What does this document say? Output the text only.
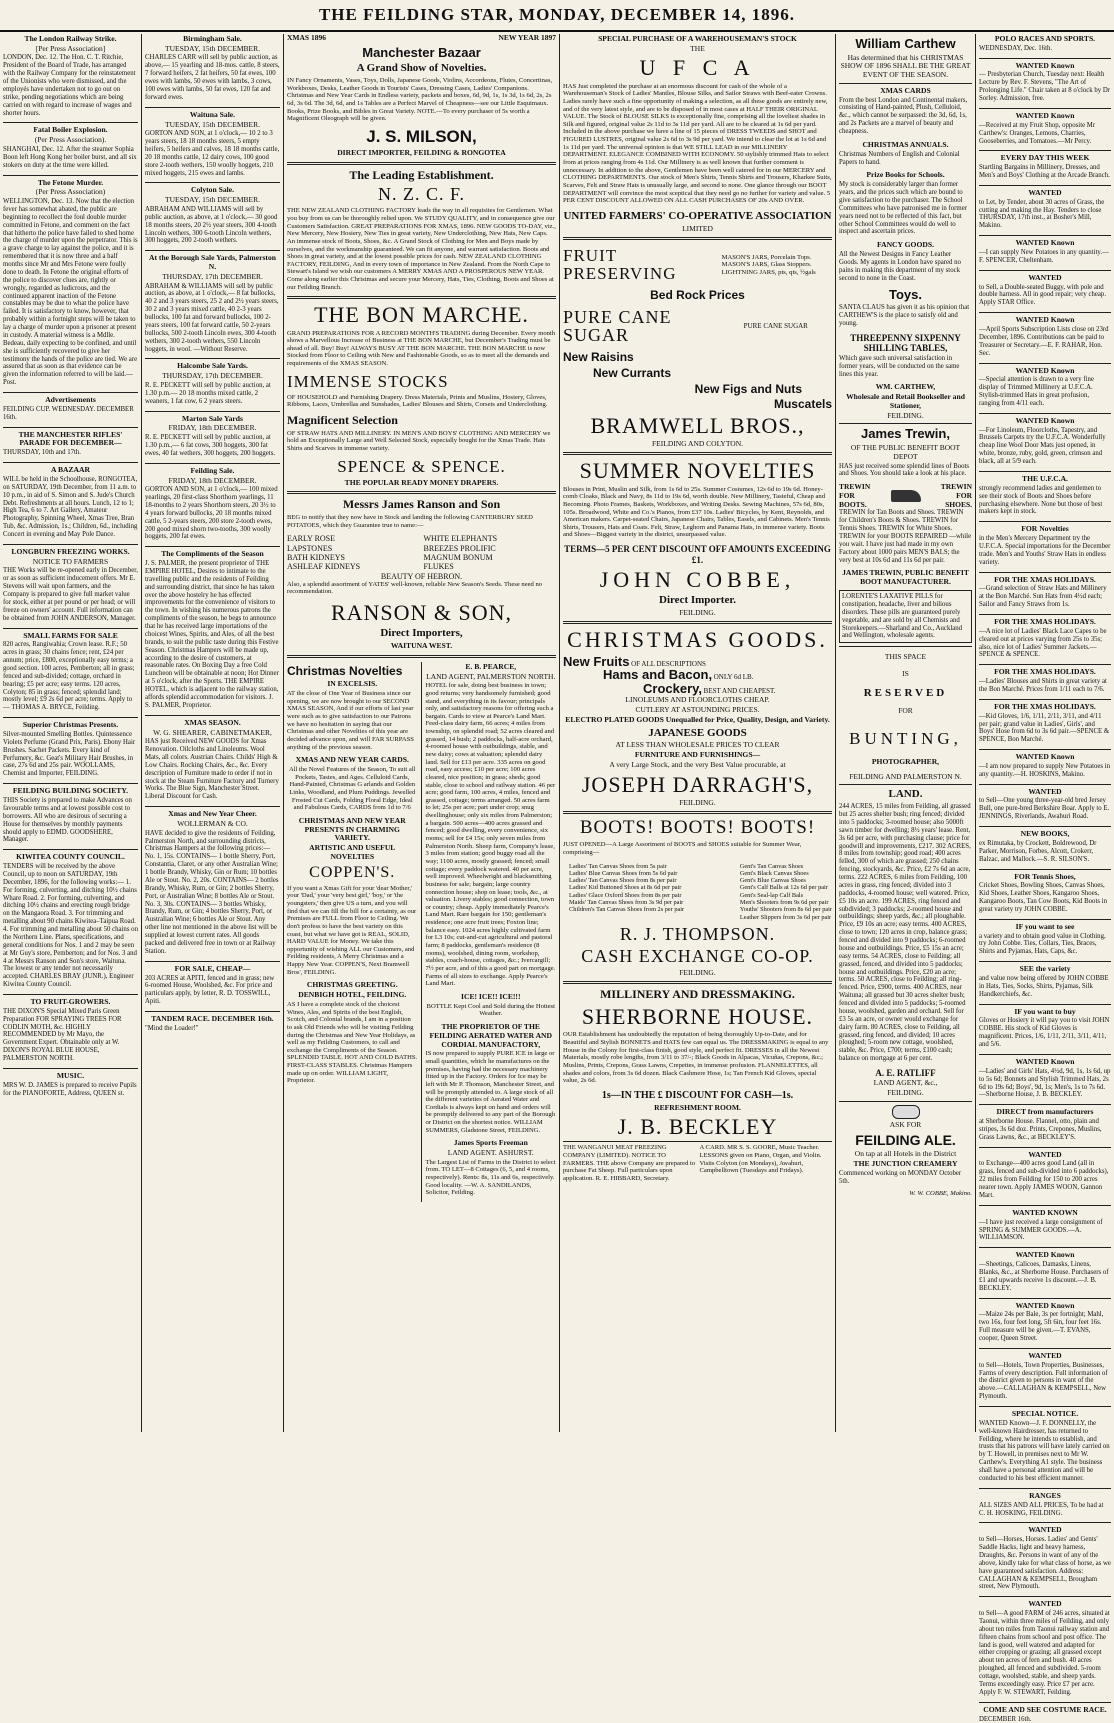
THE FEILDING STAR, MONDAY, DECEMBER 14, 1896.
The London Railway Strike.
[Per Press Association]
LONDON, Dec. 12. The Hon. C. T. Ritchie, President of the Board of Trade, has arranged with the Railway Company for the reinstatement of the Unionists who were dismissed, and the employés have undertaken not to go out on strike, pending negotiations which are being carried on with regard to increase of wages and shorter hours.
Fatal Boiler Explosion.
(Per Press Association).
SHANGHAI, Dec. 12. After the steamer Sophia Boon left Hong Kong her boiler burst, and all six stokers on duty at the time were killed.
The Fetone Murder.
(Per Press Association)
WELLINGTON, Dec. 13. Now that the election fever has somewhat abated, the public are beginning to recollect the foul double murder committed in Fetone, and comment on the fact that hitherto the police have failed to shed home the charge of murder upon the perpetrator. This is a grave charge to lay against the police, and it is remembered that it is now three and a half months since Mr and Mrs Fetone were foully done to death. In Fetone the original efforts of the police to discover clues are, rightly or wrongly, regarded as ludicrous, and the continued apparent inaction of the Fetone constables may be due to what the police have failed. It is satisfactory to know, however, that probably within a fortnight steps will be taken to lay a charge of murder upon a prisoner at present in custody. A material witness is a Mdlle. Bedeau, daily expecting to be confined, and until she is sufficiently recovered to give her testimony the hands of the police are tied. We are assured that as soon as that evidence can be given the information referred to will be laid.—Post.
Advertisements
FEILDING CUP. WEDNESDAY. DECEMBER 16th.
THE MANCHESTER RIFLES' PARADE FOR DECEMBER—
THURSDAY, 10th and 17th.
A BAZAAR
WILL be held in the Schoolhouse, RONGOTEA, on SATURDAY, 19th December, from 11 a.m. to 10 p.m., in aid of S. Simon and S. Jude's Church Debt. Refreshments at all hours. Lunch, 12 to 1; High Tea, 6 to 7. Art Gallery, Amateur Photography, Spinning Wheel, Xmas Tree, Bran Tub, &c. Admission, 1s.; Children, 6d., including Concert in evening and May Pole Dance.
LONGBURN FREEZING WORKS.
NOTICE TO FARMERS
THE Works will be re-opened early in December, or as soon as sufficient inducement offers. Mr E. Stevens will wait upon farmers, and the Company is prepared to give full market value for stock, either at per pound or per head; or will freeze on owners' account. Full information can be obtained from JOHN ANDERSON, Manager.
SMALL FARMS FOR SALE
820 acres, Rangiwahia; Crown lease. R.F.; 50 acres in grass; 30 chains fence; rent, £24 per annum; price, £800, exceptionally easy terms; a good section. 100 acres, Pemberton; all in grass; fenced and sub-divided; cottage, orchard in bearing; £5 per acre; easy terms. 120 acres, Colyton; 85 in grass; fenced; splendid land; mostly level; £9 2s 6d per acre; terms. Apply to— THOMAS A. BRYCE, Feilding.
Superior Christmas Presents.
Silver-mounted Smelling Bottles. Quintessence Violets Perfume (Grand Prix, Paris). Ebony Hair Brushes. Sachet Packets. Every kind of Perfumery, &c. Geat's Military Hair Brushes, in case, 27s 6d and 25s pair. WOOLLAMS, Chemist and Importer, FEILDING.
FEILDING BUILDING SOCIETY.
THIS Society is prepared to make Advances on favourable terms and at lowest possible cost to borrowers. All who are desirous of securing a House for themselves by monthly payments should apply to EDMD. GOODSHERE, Manager.
KIWITEA COUNTY COUNCIL.
TENDERS will be received by the above Council, up to noon on SATURDAY, 19th December, 1896, for the following works:— 1. For forming, culverting, and ditching 10½ chains Whare Road. 2. For forming, culverting, and ditching 10½ chains and erecting rough bridge on the Mangaora Road. 3. For trimming and metalling about 90 chains Kiwitea–Taipua Road. 4. For trimming and metalling about 50 chains on the Northern Line. Plans, specifications, and general conditions for Nos. 1 and 2 may be seen at Mr Guy's store, Pemberton; and for Nos. 3 and 4 at Messrs Ranson and Son's store, Waituna. The lowest or any tender not necessarily accepted. CHARLES BRAY (JUNR.), Engineer Kiwitea County Council.
TO FRUIT-GROWERS.
THE DIXON'S Special Mixed Paris Green Preparation FOR SPRAYING TREES FOR CODLIN MOTH, &c. HIGHLY RECOMMENDED by Mr Mayo, the Government Expert. Obtainable only at W. DIXON'S ROYAL BLUE HOUSE, PALMERSTON NORTH.
MUSIC.
MRS W. D. JAMES is prepared to receive Pupils for the PIANOFORTE, Address, QUEEN st.
Birmingham Sale.
TUESDAY, 15th DECEMBER.
CHARLES CARR will sell by public auction, as above,— 15 yearling and 18-mos. cattle, 8 steers, 7 forward heifers, 2 fat heifers, 50 fat ewes, 100 ewes with lambs, 50 ewes with lambs, 3 cows, 100 ewes with lambs, 50 fat ewes, 120 fat and forward ewes.
Waituna Sale.
TUESDAY, 15th DECEMBER.
GORTON AND SON, at 1 o'clock,— 10 2 to 3 years steers, 18 18 months steers, 5 empty heifers, 5 heifers and calves, 18 18 months cattle, 20 18 months cattle, 12 dairy cows, 100 good store 2-tooth wethers, 150 woolly hoggets, 210 mixed hoggets, 215 ewes and lambs.
Colyton Sale.
TUESDAY, 15th DECEMBER.
ABRAHAM AND WILLIAMS will sell by public auction, as above, at 1 o'clock,— 30 good 18 months steers, 20 2½ year steers, 300 4-tooth Lincoln wethers, 300 6-tooth Lincoln wethers, 300 hoggets, 200 2-tooth wethers.
At the Borough Sale Yards, Palmerston N.
THURSDAY, 17th DECEMBER.
ABRAHAM & WILLIAMS will sell by public auction, as above, at 1 o'clock,— 8 fat bullocks, 40 2 and 3 years steers, 25 2 and 2½ years steers, 30 2 and 3 years mixed cattle, 40 2-3 years bullocks, 100 fat and forward bullocks, 100 2-years steers, 100 fat forward cattle, 50 2-years bullocks, 500 2-tooth Lincoln ewes, 300 4-tooth wethers, 300 2-tooth wethers, 550 Lincoln hoggets, in wool. —Without Reserve.
Halcombe Sale Yards.
THURSDAY, 17th DECEMBER.
R. E. PECKETT will sell by public auction, at 1.30 p.m.— 20 18 months mixed cattle, 2 weaners, 1 fat cow, 6 2 years steers.
Marton Sale Yards
FRIDAY, 18th DECEMBER.
R. E. PECKETT will sell by public auction, at 1.30 p.m.,— 6 fat cows, 300 hoggets, 300 fat ewes, 40 fat wethers, 300 hoggets, 200 hoggets.
Feilding Sale.
FRIDAY, 18th DECEMBER.
GORTON AND SON, at 1 o'clock,— 100 mixed yearlings, 20 first-class Shorthorn yearlings, 11 18-months to 2 years Shorthorn steers, 20 3½ to 4 years forward bullocks, 20 18 months mixed cattle, 5 2-years steers, 200 store 2-tooth ewes, 200 good mixed shorn two-tooths, 300 woolly hoggets, 200 fat ewes.
The Compliments of the Season
J. S. PALMER, the present proprietor of THE EMPIRE HOTEL, Desires to intimate to the travelling public and the residents of Feilding and surrounding district, that since he has taken over the above hostelry he has effected improvements for the convenience of visitors to the town. In wishing his numerous patrons the compliments of the season, he begs to announce that he has received large importations of the choicest Wines, Spirits, and Ales, of all the best brands, to suit the public taste during this Festive Season. Christmas Hampers will be made up, according to the desire of customers, at reasonable rates. On Boxing Day a free Cold Luncheon will be obtainable at noon; Hot Dinner at 5 o'clock, after the Sports. THE EMPIRE HOTEL, which is adjacent to the railway station, affords splendid accommodation for visitors. J. S. PALMER, Proprietor.
XMAS SEASON.
W. G. SHEARER, CABINETMAKER,
HAS just Received NEW GOODS for Xmas Renovation. Oilcloths and Linoleums. Wool Mats, all colors. Austrian Chairs. Childs' High & Low Chairs. Rocking Chairs, &c., &c. Every description of Furniture made to order if not in stock at the Steam Furniture Factory and Turnery Works. The Blue Sign, Manchester Street. Liberal Discount for Cash.
Xmas and New Year Cheer.
WOLLERMAN & CO.
HAVE decided to give the residents of Feilding, Palmerston North, and surrounding districts, Christmas Hampers at the following prices:— No. 1, 15s. CONTAINS— 1 bottle Sherry, Port, Constantia, Claret, or any other Australian Wine; 1 bottle Brandy, Whisky, Gin or Rum; 10 bottles Ale or Stout. No. 2, 20s. CONTAINS— 2 bottles Brandy, Whisky, Rum, or Gin; 2 bottles Sherry, Port, or Australian Wine; 8 bottles Ale or Stout. No. 3, 30s. CONTAINS— 3 bottles Whisky, Brandy, Rum, or Gin; 4 bottles Sherry, Port, or Australian Wine; 6 bottles Ale or Stout. Any other line not mentioned in the above list will be supplied at lowest current rates. All goods packed and delivered free in town or at Railway Station.
FOR SALE, CHEAP—
203 ACRES at APITI, fenced and in grass; new 6-roomed House, Woolshed, &c. For price and particulars apply, by letter, R. D. TOSSWILL, Apiti.
TANDEM RACE. DECEMBER 16th.
"Mind the Loader!"
XMAS 1896	NEW YEAR 1897
Manchester Bazaar
A Grand Show of Novelties.
IN Fancy Ornaments, Vases, Toys, Dolls, Japanese Goods, Violins, Accordeons, Flutes, Concertinas, Workboxes, Desks, Leather Goods in Tourists' Cases, Dressing Cases, Ladies' Companions. Christmas and New Year Cards in Endless variety, packets and boxes, 6d, 9d, 1s, 1s 3d, 1s 6d, 2s, 2s 6d, 3s 6d. The 3d, 6d, and 1s Tables are a Perfect Marvel of Cheapness—see our Little Esquimaux. Books, Prize Books, and Bibles in Great Variety. NOTE.—To every purchaser of 5s worth a Magnificent Oleograph will be given.
J. S. MILSON,
DIRECT IMPORTER, FEILDING & RONGOTEA
The Leading Establishment.
N. Z. C. F.
THE NEW ZEALAND CLOTHING FACTORY leads the way in all requisites for Gentlemen. What you buy from us can be thoroughly relied upon. We STUDY QUALITY, and in consequence give our Customers Satisfaction. GREAT PREPARATIONS FOR XMAS, 1896. NEW GOODS TO-DAY, viz., New Mercery, New Hosiery, New Ties in great variety, New Underclothing, New Hats, New Caps. An immense stock of Boots, Shoes, &c. A Grand Stock of Clothing for Men and Boys made by ourselves, and the workmanship guaranteed. We can fit anyone, and warrant satisfaction. Boots and Shoes in great variety, and at the lowest possible prices for cash. NEW ZEALAND CLOTHING FACTORY, FEILDING, And in every town of importance in New Zealand. From the North Cape to Stewart's Island we wish our customers A MERRY XMAS AND A PROSPEROUS NEW YEAR. Come along earlier this Christmas and secure your Mercery, Hats, Ties, Clothing, Boots and Shoes at our Feilding Branch.
THE BON MARCHE.
GRAND PREPARATIONS FOR A RECORD MONTH'S TRADING during December. Every month shows a Marvellous Increase of Business at THE BON MARCHE, but December's Trading must be ahead of all. Buy! Buy! ALWAYS BUSY AT THE BON MARCHE. THE BON MARCHE is now Stocked from Floor to Ceiling with New and Fashionable Goods, so as to meet all the demands and requirements of the XMAS SEASON.
IMMENSE STOCKS
OF HOUSEHOLD and Furnishing Drapery. Dress Materials, Prints and Muslins, Hosiery, Gloves, Ribbons, Laces, Umbrellas and Sunshades, Ladies' Blouses and Shirts, Corsets and Underclothing.
Magnificent Selection
OF STRAW HATS AND MILLINERY. IN MEN'S AND BOYS' CLOTHING AND MERCERY we hold an Exceptionally Large and Well Selected Stock, especially bought for the Xmas Trade. Hats Shirts and Scarves in immense variety.
SPENCE & SPENCE.
THE POPULAR READY MONEY DRAPERS.
Messrs James Ranson and Son
BEG to notify that they now have in Stock and landing the following CANTERBURY SEED POTATOES, which they Guarantee true to name:—
EARLY ROSE
LAPSTONES
BATH KIDNEYS
ASHLEAF KIDNEYS
WHITE ELEPHANTS
BREEZES PROLIFIC
MAGNUM BONUM
FLUKES
BEAUTY OF HEBRON.
Also, a splendid assortment of YATES' well-known, reliable New Season's Seeds. These need no recommendation.
RANSON & SON,
Direct Importers,
WAITUNA WEST.
Christmas Novelties
IN EXCELSIS.
AT the close of One Year of Business since our opening, we are now brought to our SECOND XMAS SEASON, And if our efforts of last year were such as to give satisfaction to our Patrons we have no hesitation in saying that our Christmas and other Novelties of this year are decided advance upon, and will FAR SURPASS anything of the previous season.
XMAS AND NEW YEAR CARDS.
All the Novel Features of the Season, To suit all Pockets, Tastes, and Ages. Celluloid Cards, Hand-Painted, Christmas G arlands and Golden Links, Woodland, and Plum Puddings. Jewelled Frosted Cut Cards, Folding Floral Edge, Ideal and Fabulous Cards, CARDS from 1d to 7/6
CHRISTMAS AND NEW YEAR PRESENTS IN CHARMING VARIETY.
ARTISTIC AND USEFUL NOVELTIES
COPPEN'S.
If you want a Xmas Gift for your 'dear Mother,' your 'Dad,' your 'very best girl,' 'boy,' or 'the youngsters,' then give US a turn, and you will find that we can fill the bill for a certainty, as our Premises are FULL from Floor to Ceiling. We don't profess to have the best variety on this coast, but what we have got is REAL, SOLID, HARD VALUE for Money. We take this opportunity of wishing ALL our Customers, and Feilding residents, A Merry Christmas and a Happy New Year. COPPEN'S, Next Bramwell Bros', FEILDING.
CHRISTMAS GREETING.
DENBIGH HOTEL, FEILDING.
AS I have a complete stock of the choicest Wines, Ales, and Spirits of the best English, Scotch, and Colonial brands, I am in a position to ask Old Friends who will be visiting Feilding during the Christmas and New Year Holidays, as well as my Feilding Customers, to call and exchange the Compliments of the Season. SPLENDID TABLE. HOT AND COLD BATHS. FIRST-CLASS STABLES. Christmas Hampers made up on order. WILLIAM LIGHT, Proprietor.
E. B. PEARCE,
LAND AGENT, PALMERSTON NORTH.
HOTEL for sale, doing best business in town; good returns; very handsomely furnished; good stand, and everything in its favour; principals only, and satisfactory reasons for offering such a bargain. Cards to view at Pearce's Land Mart. Feed-class dairy farm, 66 acres; 4 miles from township, on splendid road; 52 acres cleared and grassed, 14 bush; 2 paddocks, half-acre orchard, 4-roomed house with outbuildings, stable, and new dairy; cows at valuation; splendid dairy land. Sell for £13 per acre. 335 acres on good road, easy access; £10 per acre; 100 acres cleared, nice position; in grass; sheds; good stable, close to school and railway station. 46 per acre; good farm, 100 acres, 4 miles, fenced and grassed, cottage; terms arranged. 50 acres farm to let; 25s per acre; part under crop; snug dwellinghouse; only six miles from Palmerston; a bargain. 500 acres—400 acres grassed and fenced; good dwelling, every convenience, six rooms; sell for £4 15s; only seven miles from Palmerston North. Sheep farm, Company's lease, 3 miles from station; good buggy road all the way; 1100 acres, mostly grassed; fenced; small cottage; every paddock watered. 40 per acre, well improved. Wheelwright and blacksmithing business for sale; bargain; large country connection house; shop on lease; tools, &c., at valuation. Livery stables; good connection, town or country; cheap. Apply immediately Pearce's Land Mart. Rare bargain for 150; gentleman's residence; one acre fruit trees; Foxton line; balance easy. 1024 acres highly cultivated farm for L3 10s; cut-and-cut agricultural and pastoral farm; 8 paddocks, gentleman's residence (8 rooms), woolshed, dining room, workshop, stables, coach-house, cottages, &c.; Ivercargill; 7½ per acre, and of this a good part on mortgage. Farms of all sizes to exchange. Apply Pearce's Land Mart.
ICE! ICE!! ICE!!!
BOTTLE Kept Cool and Sold during the Hottest Weather.
THE PROPRIETOR OF THE FEILDING AERATED WATER AND CORDIAL MANUFACTORY,
IS now prepared to supply PURE ICE in large or small quantities, which he manufactures on the premises, having had the necessary machinery fitted up in the Factory. Orders for Ice may be left with Mr P. Thomson, Manchester Street, and will be promptly attended to. A large stock of all the different varieties of Aerated Water and Cordials is always kept on hand and orders will be promptly delivered to any part of the Borough or District on the shortest notice. WILLIAM SUMMERS, Gladstone Street, FEILDING.
James Sports Freeman
LAND AGENT. ASHURST.
The Largest List of Farms in the District to select from. TO LET—8 Cottages (6, 5, and 4 rooms, respectively). Rents: 8s, 11s and 6s, respectively. Good locality. —W. A. SANDILANDS, Solicitor, Feilding.
SPECIAL PURCHASE OF A WAREHOUSEMAN'S STOCK
THE
U F C A
HAS Just completed the purchase at an enormous discount for cash of the whole of a Warehouseman's Stock of Ladies' Mantles, Blouse Silks, and Sailor Straws with Beef-eater Crowns. Ladies rarely have such a fine opportunity of making a selection, as all these goods are entirely new, and of the very latest style, and are to be disposed of in most cases at HALF THEIR ORIGINAL VALUE. The Stock of BLOUSE SILKS is exceptionally fine, comprising all the loveliest shades in Silk and figured, original value 2s 11d to 3s 11d per yard. All are to be cleared at 1s 6d per yard. Included in the above purchase we have a line of 15 pieces of DRESS TWEEDS and SHOT and FIGURED LUSTRES, original value 2s 6d to 3s 9d per yard. We intend to clear the lot at 1s 6d and 1s 11d per yard. The universal opinion is that WE STILL LEAD in our MILLINERY DEPARTMENT. ELEGANCE COMBINED WITH ECONOMY. 50 stylishly trimmed Hats to select from at prices ranging from 4s 11d. Our Millinery is as well known that further comment is unnecessary. In addition to the above, Gentlemen have been well catered for in our MERCERY and CLOTHING DEPARTMENTS. Our stock of Men's Shirts, Tennis Shirts and Trousers, Kharkee Suits, Scarves, Felt and Straw Hats is unusually large, and second to none. One glance through our BOOT DEPARTMENT will convince the most sceptical that they need go no further for variety and value. 5 PER CENT DISCOUNT ALLOWED ON ALL CASH PURCHASES OF 20s AND OVER.
UNITED FARMERS' CO-OPERATIVE ASSOCIATION
LIMITED
FRUIT PRESERVING
MASON'S JARS, Porcelain Tops. MASON'S JARS, Glass Stoppers. LIGHTNING JARS, pts, qts, ½gals
Bed Rock Prices
PURE CANE SUGAR	PURE CANE SUGAR
New Raisins
New Currants
New Figs and Nuts
Muscatels
BRAMWELL BROS.,
FEILDING AND COLYTON.
SUMMER NOVELTIES
Blouses in Print, Muslin and Silk, from 1s 6d to 25s. Summer Costumes, 12s 6d to 19s 6d. Honey-comb Cloaks, Black and Navy, 8s 11d to 19s 6d, worth double. New Millinery, Tasteful, Cheap and Becoming. Photo Frames, Baskets, Workboxes, and Writing Desks. Sewing Machines, 57s 6d, 80s, 105s. Broadwood, White and Co.'s Pianos, from £37 10s. Ladies' Bicycles, by Kent, Reynolds, and American makers. Carpet-seated Chairs, Japanese Chairs, Tables, Easels, and Cabinets. Men's Tennis Shirts, Trousers, Hats and Coats. Felt, Straw, Leghorn and Panama Hats, in immense variety. Boots and Shoes—Biggest variety in the district, unsurpassed value.
TERMS—5 PER CENT DISCOUNT OFF AMOUNTS EXCEEDING £1.
JOHN COBBE,
Direct Importer.
FEILDING.
CHRISTMAS GOODS.
New Fruits OF ALL DESCRIPTIONS
Hams and Bacon, ONLY 6d LB.
Crockery, BEST AND CHEAPEST.
LINOLEUMS AND FLOORCLOTHS CHEAP.
CUTLERY AT ASTOUNDING PRICES.
ELECTRO PLATED GOODS Unequalled for Price, Quality, Design, and Variety.
JAPANESE GOODS
AT LESS THAN WHOLESALE PRICES TO CLEAR
FURNITURE AND FURNISHINGS—
A very Large Stock, and the very Best Value procurable, at
JOSEPH DARRAGH'S,
FEILDING.
BOOTS! BOOTS! BOOTS!
JUST OPENED—A Large Assortment of BOOTS and SHOES suitable for Summer Wear, comprising—
Ladies' Tan Canvas Shoes from 5s pair
Ladies' Blue Canvas Shoes from 5s 6d pair
Ladies' Tan Canvas Shoes from 8s per pair
Ladies' Kid Buttoned Shoes at 8s 6d per pair
Ladies' Glace Oxford Shoes from 8s per pair
Maids' Tan Canvas Shoes from 3s 9d per pair
Children's Tan Canvas Shoes from 2s per pair
Gent's Tan Canvas Shoes
Gent's Black Canvas Shoes
Gent's Blue Canvas Shoes
Gent's Calf Balls at 12s 6d per pair
Gent's Seal-lap Calf Bals
Men's Shooters from 9s 6d per pair
Youths' Shooters from 8s 6d per pair
Leather Slippers from 3s 6d per pair
R. J. THOMPSON.
CASH EXCHANGE CO-OP.
FEILDING.
MILLINERY AND DRESSMAKING.
SHERBORNE HOUSE.
OUR Establishment has undoubtedly the reputation of being thoroughly Up-to-Date, and for Beautiful and Stylish BONNETS and HATS few can equal us. The DRESSMAKING is equal to any House in the Colony for first-class finish, good style, and perfect fit. DRESSES in all the Newest Materials, mostly robe lengths, from 3/11 to 37/-; Black Goods in Alpacas, Vicuñas, Crepons, &c.; Muslins, Prints, Crepons, Grass Lawns, Crepettes, in immense profusion. FLANNELETTES, all shades and colors, from 3s 6d dozen. Black Cashmere Hose, 1s; Tan French Kid Gloves, special value, 2s 6d.
1s—IN THE £ DISCOUNT FOR CASH—1s.
REFRESHMENT ROOM.
J. B. BECKLEY
THE WANGANUI MEAT FREEZING COMPANY (LIMITED). NOTICE TO FARMERS. THE above Company are prepared to purchase Fat Sheep. Full particulars upon application. R. E. HIBBARD, Secretary.
A CARD. MR S. S. GOORE, Music Teacher. LESSONS given on Piano, Organ, and Violin. Visits Colyton (on Mondays), Awahuri, Campbelltown (Tuesdays and Fridays).
William Carthew
Has determined that his CHRISTMAS SHOW OF 1896 SHALL BE THE GREAT EVENT OF THE SEASON.
XMAS CARDS
From the best London and Continental makers, consisting of Hand-painted, Plush, Celluloid, &c., which cannot be surpassed: the 3d, 6d, 1s, and 2s Packets are a marvel of beauty and cheapness.
CHRISTMAS ANNUALS.
Christmas Numbers of English and Colonial Papers to hand.
Prize Books for Schools.
My stock is considerably larger than former years, and the prices such which are bound to give satisfaction to the purchaser. The School Committees who have patronised me in former years need not to be reflected of this fact, but other School Committees would do well to inspect and ascertain prices.
FANCY GOODS.
All the Newest Designs in Fancy Leather Goods. My agents in London have spared no pains in making this department of my stock second to none in the Coast.
Toys.
SANTA CLAUS has given it as his opinion that CARTHEW'S is the place to satisfy old and young.
THREEPENNY SIXPENNY SHILLING TABLES,
Which gave such universal satisfaction in former years, will be conducted on the same lines this year.
WM. CARTHEW,
Wholesale and Retail Bookseller and Stationer,
FEILDING.
James Trewin,
OF THE PUBLIC BENEFIT BOOT DEPOT
HAS just received some splendid lines of Boots and Shoes. You should take a look at his place.
TREWIN FOR BOOTS.
TREWIN FOR SHOES.
TREWIN for Tan Boots and Shoes. TREWIN for Children's Boots & Shoes. TREWIN for Tennis Shoes. TREWIN for White Shoes. TREWIN for your BOOTS REPAIRED —while you wait. I have just had made in my own Factory about 1000 pairs MEN'S BALS; the very best at 10s 6d and 11s 6d per pair.
JAMES TREWIN, PUBLIC BENEFIT BOOT MANUFACTURER.
LORENTE'S LAXATIVE PILLS for constipation, headache, liver and bilious disorders. These pills are guaranteed purely vegetable, and are sold by all Chemists and Storekeepers.—Sharland and Co., Auckland and Wellington, wholesale agents.
THIS SPACE
IS
RESERVED
FOR
BUNTING,
PHOTOGRAPHER,
FEILDING AND PALMERSTON N.
LAND.
244 ACRES, 15 miles from Feilding, all grassed but 25 acres shelter bush; ring fenced; divided into 5 paddocks; 3-roomed house; also 5000ft sawn timber for dwelling; 8½ years' lease. Rent, 3s 6d per acre, with purchasing clause; price for goodwill and improvements, £217. 302 ACRES, 8 miles from township; good road; 400 acres felled, 300 of which are grassed; 250 chains fencing, stockyards, &c. Price, £2 7s 6d an acre, terms. 222 ACRES, 6 miles from Feilding, 100 acres in grass, ring fenced; divided into 3 paddocks, 4-roomed house; well watered. Price, £5 10s an acre. 199 ACRES, ring fenced and subdivided; 3 paddocks; 2-roomed house and outbuildings; sheep yards, &c.; all ploughable. Price, £9 10s an acre; easy terms. 400 ACRES, close to town; 120 acres in crop, balance grass; fenced and divided into 9 paddocks; 6-roomed house and outbuildings. Price, £5 15s an acre; easy terms. 54 ACRES, close to Feilding; all grassed, fenced, and divided into 5 paddocks; house and outbuildings. Price, £20 an acre; terms. 50 ACRES, close to Feilding; all ring-fenced. Price, £900, terms. 400 ACRES, near Waituna; all grassed but 30 acres shelter bush; fenced and divided into 5 paddocks; 5-roomed house, woolshed, garden and orchard. Sell for £3 5s an acre, or owner would exchange for dairy farm. 80 ACRES, close to Feilding, all grassed, ring fenced, and divided; 10 acres ploughed; 5-room new cottage, woolshed, stable, &c. Price, £700; terms, £100 cash; balance on mortgage at 6 per cent.
A. E. RATLIFF
LAND AGENT, &c.,
FEILDING.
ASK FOR
FEILDING ALE.
On tap at all Hotels in the District
THE JUNCTION CREAMERY
Commenced working on MONDAY October 5th.
W. W. COBBE, Makino.
POLO RACES AND SPORTS.
WEDNESDAY, Dec. 16th.
WANTED Known
— Presbyterian Church, Tuesday next: Health Lecture by Rev. F. Stevens, "The Art of Prolonging Life." Chair taken at 8 o'clock by Dr Sorley. Admission, free.
WANTED Known
—Received at my Fruit Shop, opposite Mr Carthew's: Oranges, Lemons, Charries, Gooseberries, and Tomatoes.—Mr Percy.
EVERY DAY THIS WEEK
Startling Bargains in Millinery, Dresses, and Men's and Boys' Clothing at the Arcade Branch.
WANTED
to Let, by Tender, about 30 acres of Grass, the cutting and making the Hay. Tenders to close THURSDAY, 17th inst., at Bosher's Mill, Makino.
WANTED Known
—I can supply New Potatoes in any quantity.—F. SPENCER, Cheltenham.
WANTED
to Sell, a Double-seated Buggy, with pole and double harness. All in good repair; very cheap. Apply STAR Office.
WANTED Known
—April Sports Subscription Lists close on 23rd December, 1896. Contributions can be paid to Treasurer or Secretary.—E. F. RAHAR, Hon. Sec.
WANTED Known
—Special attention is drawn to a very fine display of Trimmed Millinery at U.F.C.A. Stylish-trimmed Hats in great profusion, ranging from 4/11 each.
WANTED Known
—For Linoleum, Floorcloths, Tapestry, and Brussels Carpets try the U.F.C.A. Wonderfully cheap line Wool Door Mats just opened, in white, bronze, ruby, gold, green, crimson and black, all at 5/9 each.
THE U.F.C.A.
strongly recommend ladies and gentlemen to see their stock of Boots and Shoes before purchasing elsewhere. None but those of best makers kept in stock.
FOR Novelties
in the Men's Mercery Department try the U.F.C.A. Special importations for the December trade. Men's and Youths' Straw Hats in endless variety.
FOR THE XMAS HOLIDAYS.
—Grand selection of Straw Hats and Millinery at the Bon Marché. Sun Hats from 4½d each; Sailor and Fancy Straws from 1s.
FOR THE XMAS HOLIDAYS.
—A nice lot of Ladies' Black Lace Capes to be cleared out at prices varying from 25s to 35s; also, nice lot of Ladies' Summer Jackets.—SPENCE & SPENCE.
FOR THE XMAS HOLIDAYS.
—Ladies' Blouses and Shirts in great variety at the Bon Marché. Prices from 1/11 each to 7/6.
FOR THE XMAS HOLIDAYS.
—Kid Gloves, 1/6, 1/11, 2/11, 3/11, and 4/11 per pair; grand value in Ladies', Girls', and Boys' Hose from 6d to 3s 6d pair.—SPENCE & SPENCE, Bon Marché.
WANTED Known
—I am now prepared to supply New Potatoes in any quantity.—H. HOSKINS, Makino.
WANTED
to Sell—One young three-year-old bred Jersey Bull, one pure-bred Berkshire Boar. Apply to E. JENNINGS, Riverlands, Awahuri Road.
NEW BOOKS,
ex Rimutaka, by Crockett, Boldrewood, Dr Parker, Morrison, Forbes, Alcott, Crokerr, Balzac, and Mallock.—S. R. SILSON'S.
FOR Tennis Shoes,
Cricket Shoes, Bowling Shoes, Canvas Shoes, Kid Shoes, Leather Shoes, Kangaroo Shoes, Kangaroo Boots, Tan Cow Boots, Kid Boots in great variety try JOHN COBBE.
IF you want to see
a variety and to obtain good value in Clothing, try John Cobbe. Ties, Collars, Ties, Braces, Shirts and Pyjamas, Hats, Caps, &c.
SEE the variety
and value now being offered by JOHN COBBE in Hats, Ties, Socks, Shirts, Pyjamas, Silk Handkerchiefs, &c.
IF you want to buy
Gloves or Hosiery it will pay you to visit JOHN COBBE. His stock of Kid Gloves is magnificent. Prices, 1/6, 1/11, 2/11, 3/11, 4/11, and 5/6.
WANTED Known
—Ladies' and Girls' Hats, 4½d, 9d, 1s, 1s 6d, up to 5s 6d; Bonnets and Stylish Trimmed Hats, 2s 6d to 19s 6d; Boys', 9d, 1s; Men's, 1s to 7s 6d.—Sherborne House, J. B. BECKLEY.
DIRECT from manufacturers
at Sherborne House. Flannel, otto, plain and stripes, 3s 6d doz. Prints, Crepones, Muslins, Grass Lawns, &c., at BECKLEY'S.
WANTED
to Exchange—400 acres good Land (all in grass, fenced and sub-divided into 6 paddocks), 22 miles from Feilding for 150 to 200 acres nearer town. Apply JAMES WOON, Gannon Mart.
WANTED KNOWN
—I have just received a large consignment of SPRING & SUMMER GOODS.—A. WILLIAMSON.
WANTED Known
—Sheetings, Calicoes, Damasks, Linens, Blanks, &c., at Sherborne House. Purchasers of £1 and upwards receive 1s discount.—J. B. BECKLEY.
WANTED Known
—Maize 24s per Bale, 3s per fortnight; Mahl, two 16s, four feet long, 5ft 6in, four feet 16s. Full measure will be given.—T. EVANS, cooper, Queen Street.
WANTED
to Sell—Hotels, Town Properties, Businesses, Farms of every description. Full information of the district given to persons in want of the above.—CALLAGHAN & KEMPSELL, New Plymouth.
SPECIAL NOTICE.
WANTED Known—J. F. DONNELLY, the well-known Hairdresser, has returned to Feilding, where he intends to establish, and trusts that his patrons will have lately carried on by T. Howell, in premises next to Mr W. Carthew's. Everything A1 style. The business shall have a personal attention and will be conducted to his best efficient manner.
RANGES
ALL SIZES AND ALL PRICES, To be had at C. H. HOSKING, FEILDING.
WANTED
to Sell—Horses, Horses. Ladies' and Gents' Saddle Hacks, light and heavy harness, Draughts, &c. Persons in want of any of the above, kindly take for what class of horse, as we have guaranteed satisfaction. Address: CALLAGHAN & KEMPSELL, Brougham street, New Plymouth.
WANTED
to Sell—A good FARM of 246 acres, situated at Taonui, within three miles of Feilding, and only about ten miles from Taonui railway station and fifteen chains from school and post office. The land is good, well watered and adapted for either cropping or grazing; all grassed except about ten acres of fern and bush. 40 acres ploughed, all fenced and subdivided. 5-room cottage, woolshed, stable, and sheep yards. Terms exceedingly easy. Price £7 per acre. Apply F. W. STEWART, Feilding.
COME AND SEE COSTUME RACE.
DECEMBER 16th.
